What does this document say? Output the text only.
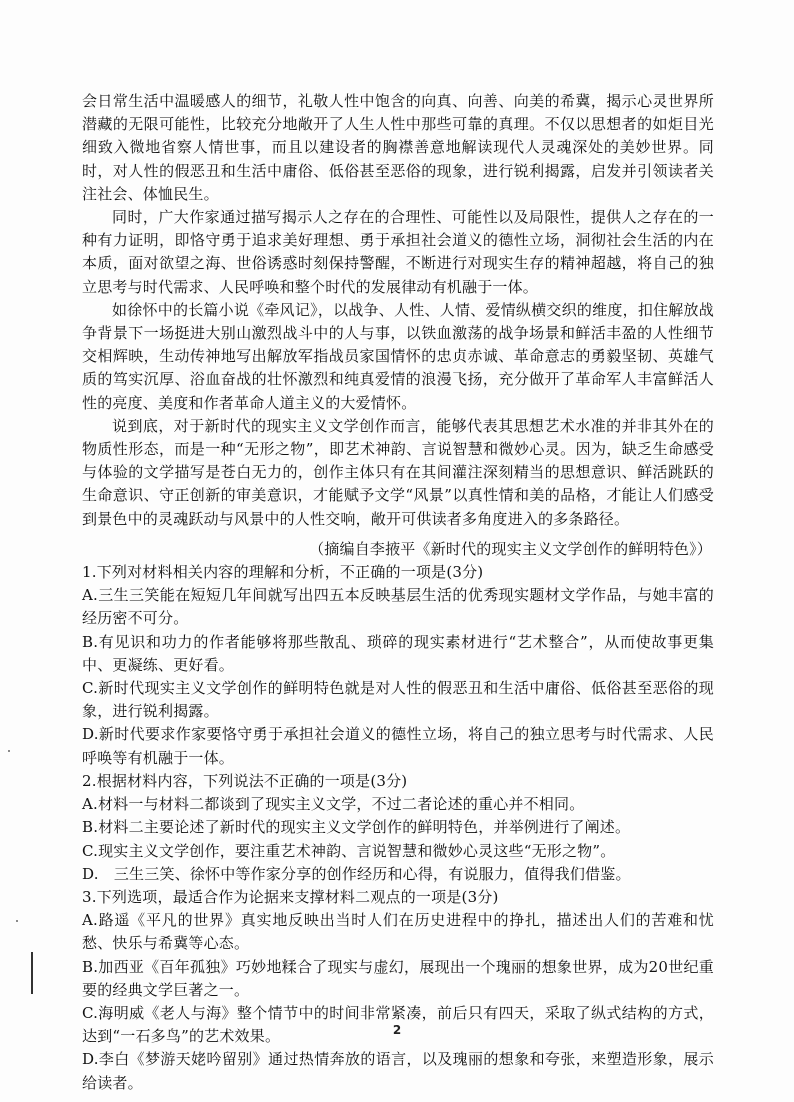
会日常生活中温暖感人的细节，礼敬人性中饱含的向真、向善、向美的希冀，揭示心灵世界所潜藏的无限可能性，比较充分地敞开了人生人性中那些可靠的真理。不仅以思想者的如炬目光细致入微地省察人情世事，而且以建设者的胸襟善意地解读现代人灵魂深处的美妙世界。同时，对人性的假恶丑和生活中庸俗、低俗甚至恶俗的现象，进行锐利揭露，启发并引领读者关注社会、体恤民生。

同时，广大作家通过描写揭示人之存在的合理性、可能性以及局限性，提供人之存在的一种有力证明，即恪守勇于追求美好理想、勇于承担社会道义的德性立场，洞彻社会生活的内在本质，面对欲望之海、世俗诱惑时刻保持警醒，不断进行对现实生存的精神超越，将自己的独立思考与时代需求、人民呼唤和整个时代的发展律动有机融于一体。

如徐怀中的长篇小说《牵风记》，以战争、人性、人情、爱情纵横交织的维度，扣住解放战争背景下一场挺进大别山激烈战斗中的人与事，以铁血激荡的战争场景和鲜活丰盈的人性细节交相辉映，生动传神地写出解放军指战员家国情怀的忠贞赤诚、革命意志的勇毅坚韧、英雄气质的笃实沉厚、浴血奋战的壮怀激烈和纯真爱情的浪漫飞扬，充分做开了革命军人丰富鲜活人性的亮度、美度和作者革命人道主义的大爱情怀。

说到底，对于新时代的现实主义文学创作而言，能够代表其思想艺术水准的并非其外在的物质性形态，而是一种“无形之物”，即艺术神韵、言说智慧和微妙心灵。因为，缺乏生命感受与体验的文学描写是苍白无力的，创作主体只有在其间灌注深刻精当的思想意识、鲜活跳跃的生命意识、守正创新的审美意识，才能赋予文学“风景”以真性情和美的品格，才能让人们感受到景色中的灵魂跃动与风景中的人性交响，敞开可供读者多角度进入的多条路径。

（摘编自李掖平《新时代的现实主义文学创作的鲜明特色》）

1.下列对材料相关内容的理解和分析，不正确的一项是(3分)

A.三生三笑能在短短几年间就写出四五本反映基层生活的优秀现实题材文学作品，与她丰富的经历密不可分。

B.有见识和功力的作者能够将那些散乱、琐碎的现实素材进行“艺术整合”，从而使故事更集中、更凝练、更好看。

C.新时代现实主义文学创作的鲜明特色就是对人性的假恶丑和生活中庸俗、低俗甚至恶俗的现象，进行锐利揭露。

D.新时代要求作家要恪守勇于承担社会道义的德性立场，将自己的独立思考与时代需求、人民呼唤等有机融于一体。

2.根据材料内容，下列说法不正确的一项是(3分)

A.材料一与材料二都谈到了现实主义文学，不过二者论述的重心并不相同。

B.材料二主要论述了新时代的现实主义文学创作的鲜明特色，并举例进行了阐述。

C.现实主义文学创作，要注重艺术神韵、言说智慧和微妙心灵这些“无形之物”。

D.　三生三笑、徐怀中等作家分享的创作经历和心得，有说服力，值得我们借鉴。

3.下列选项，最适合作为论据来支撑材料二观点的一项是(3分)

A.路遥《平凡的世界》真实地反映出当时人们在历史进程中的挣扎，描述出人们的苦难和忧愁、快乐与希冀等心态。

B.加西亚《百年孤独》巧妙地糅合了现实与虚幻，展现出一个瑰丽的想象世界，成为20世纪重要的经典文学巨著之一。

C.海明威《老人与海》整个情节中的时间非常紧凑，前后只有四天，采取了纵式结构的方式，达到“一石多鸟”的艺术效果。

D.李白《梦游天姥吟留别》通过热情奔放的语言，以及瑰丽的想象和夸张，来塑造形象，展示给读者。

2
